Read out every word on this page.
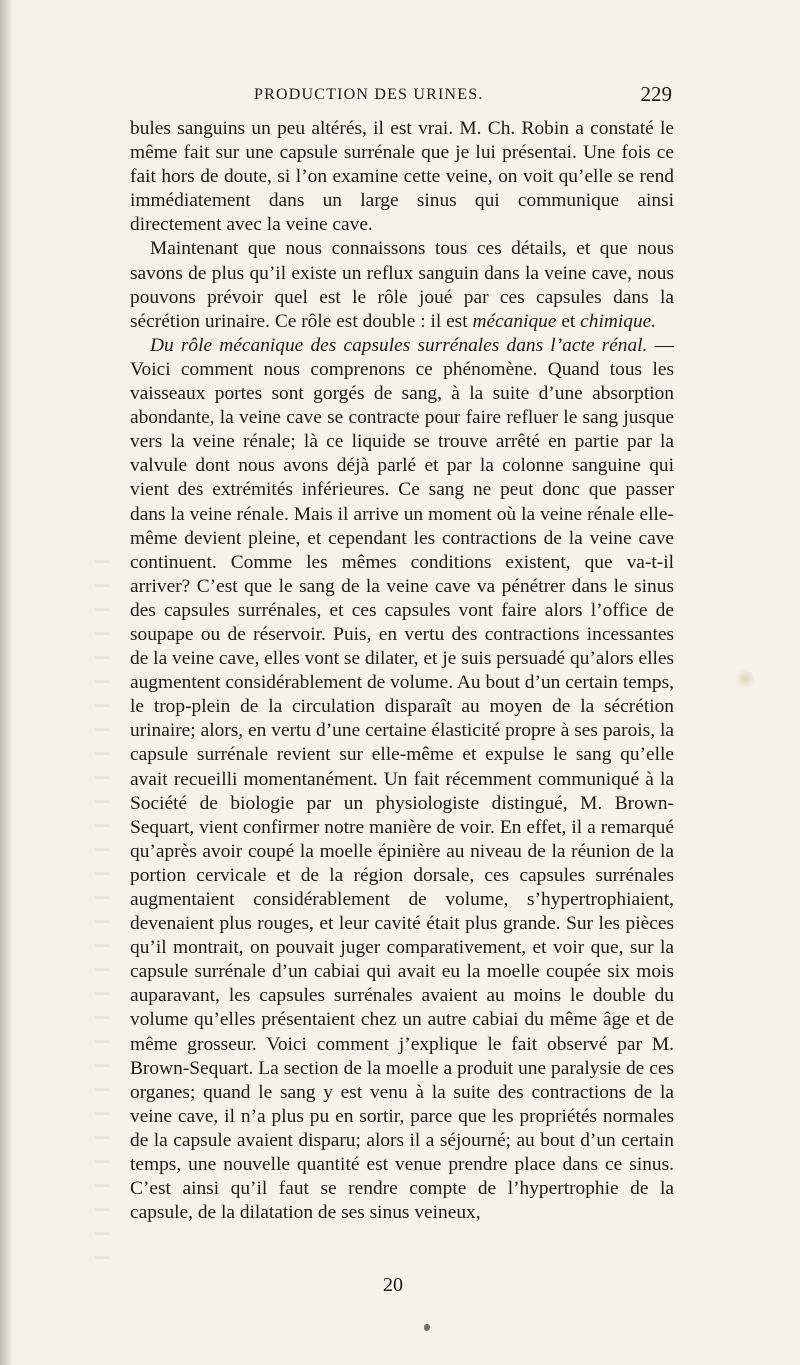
PRODUCTION DES URINES.	229

bules sanguins un peu altérés, il est vrai. M. Ch. Robin a constaté le même fait sur une capsule surrénale que je lui présentai. Une fois ce fait hors de doute, si l’on examine cette veine, on voit qu’elle se rend immédiatement dans un large sinus qui communique ainsi directement avec la veine cave.

Maintenant que nous connaissons tous ces détails, et que nous savons de plus qu’il existe un reflux sanguin dans la veine cave, nous pouvons prévoir quel est le rôle joué par ces capsules dans la sécrétion urinaire. Ce rôle est double : il est mécanique et chimique.

Du rôle mécanique des capsules surrénales dans l’acte rénal. — Voici comment nous comprenons ce phénomène. Quand tous les vaisseaux portes sont gorgés de sang, à la suite d’une absorption abondante, la veine cave se contracte pour faire refluer le sang jusque vers la veine rénale; là ce liquide se trouve arrêté en partie par la valvule dont nous avons déjà parlé et par la colonne sanguine qui vient des extrémités inférieures. Ce sang ne peut donc que passer dans la veine rénale. Mais il arrive un moment où la veine rénale elle-même devient pleine, et cependant les contractions de la veine cave continuent. Comme les mêmes conditions existent, que va-t-il arriver? C’est que le sang de la veine cave va pénétrer dans le sinus des capsules surrénales, et ces capsules vont faire alors l’office de soupape ou de réservoir. Puis, en vertu des contractions incessantes de la veine cave, elles vont se dilater, et je suis persuadé qu’alors elles augmentent considérablement de volume. Au bout d’un certain temps, le trop-plein de la circulation disparaît au moyen de la sécrétion urinaire; alors, en vertu d’une certaine élasticité propre à ses parois, la capsule surrénale revient sur elle-même et expulse le sang qu’elle avait recueilli momentanément. Un fait récemment communiqué à la Société de biologie par un physiologiste distingué, M. Brown-Sequart, vient confirmer notre manière de voir. En effet, il a remarqué qu’après avoir coupé la moelle épinière au niveau de la réunion de la portion cervicale et de la région dorsale, ces capsules surrénales augmentaient considérablement de volume, s’hypertrophiaient, devenaient plus rouges, et leur cavité était plus grande. Sur les pièces qu’il montrait, on pouvait juger comparativement, et voir que, sur la capsule surrénale d’un cabiai qui avait eu la moelle coupée six mois auparavant, les capsules surrénales avaient au moins le double du volume qu’elles présentaient chez un autre cabiai du même âge et de même grosseur. Voici comment j’explique le fait observé par M. Brown-Sequart. La section de la moelle a produit une paralysie de ces organes; quand le sang y est venu à la suite des contractions de la veine cave, il n’a plus pu en sortir, parce que les propriétés normales de la capsule avaient disparu; alors il a séjourné; au bout d’un certain temps, une nouvelle quantité est venue prendre place dans ce sinus. C’est ainsi qu’il faut se rendre compte de l’hypertrophie de la capsule, de la dilatation de ses sinus veineux,

20
